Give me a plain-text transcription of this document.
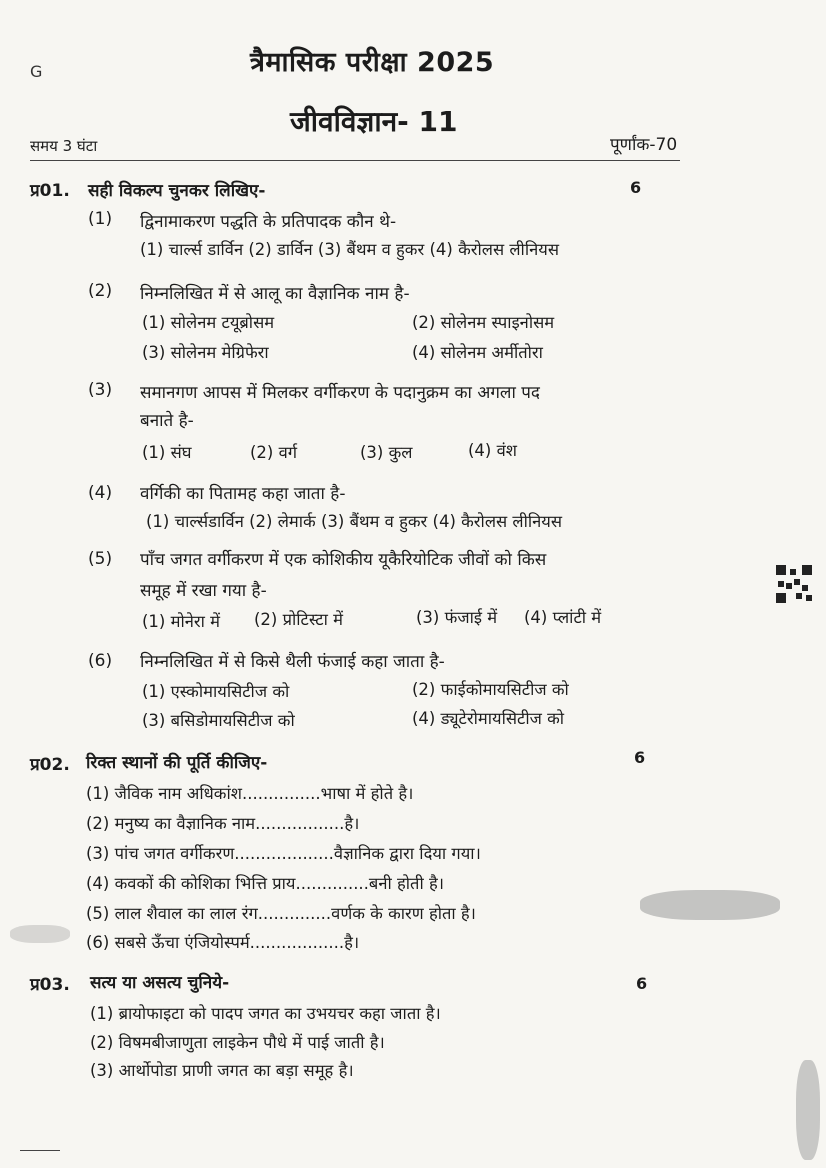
G	त्रैमासिक परीक्षा 2025
जीवविज्ञान- 11
समय 3 घंटा	पूर्णांक-70
प्र01. सही विकल्प चुनकर लिखिए-	6
(1) द्विनामाकरण पद्धति के प्रतिपादक कौन थे-
(1) चार्ल्स डार्विन (2) डार्विन (3) बैंथम व हुकर (4) कैरोलस लीनियस
(2) निम्नलिखित में से आलू का वैज्ञानिक नाम है-
(1) सोलेनम टयूब्रोसम	(2) सोलेनम स्पाइनोसम
(3) सोलेनम मेग्रिफेरा	(4) सोलेनम अर्मीतोरा
(3) समानगण आपस में मिलकर वर्गीकरण के पदानुक्रम का अगला पद
बनाते है-
(1) संघ	(2) वर्ग	(3) कुल	(4) वंश
(4) वर्गिकी का पितामह कहा जाता है-
(1) चार्ल्सडार्विन (2) लेमार्क (3) बैंथम व हुकर (4) कैरोलस लीनियस
(5) पाँच जगत वर्गीकरण में एक कोशिकीय यूकैरियोटिक जीवों को किस
समूह में रखा गया है-
(1) मोनेरा में (2) प्रोटिस्टा में	(3) फंजाई में (4) प्लांटी में
(6) निम्नलिखित में से किसे थैली फंजाई कहा जाता है-
(1) एस्कोमायसिटीज को	(2) फाईकोमायसिटीज को
(3) बसिडोमायसिटीज को	(4) ड्यूटेरोमायसिटीज को
प्र02. रिक्त स्थानों की पूर्ति कीजिए-	6
(1) जैविक नाम अधिकांश...............भाषा में होते है।
(2) मनुष्य का वैज्ञानिक नाम.................है।
(3) पांच जगत वर्गीकरण...................वैज्ञानिक द्वारा दिया गया।
(4) कवकों की कोशिका भित्ति प्राय..............बनी होती है।
(5) लाल शैवाल का लाल रंग..............वर्णक के कारण होता है।
(6) सबसे ऊँचा एंजियोस्पर्म..................है।
प्र03. सत्य या असत्य चुनिये-	6
(1) ब्रायोफाइटा को पादप जगत का उभयचर कहा जाता है।
(2) विषमबीजाणुता लाइकेन पौधे में पाई जाती है।
(3) आर्थोपोडा प्राणी जगत का बड़ा समूह है।
